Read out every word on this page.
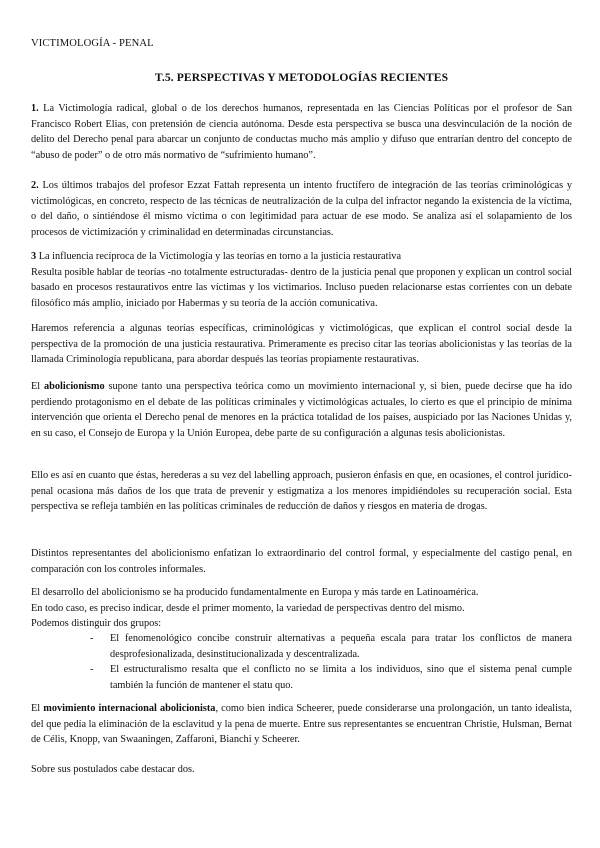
VICTIMOLOGÍA - PENAL
T.5. PERSPECTIVAS Y METODOLOGÍAS RECIENTES

1. La Victimología radical, global o de los derechos humanos, representada en las Ciencias Políticas por el profesor de San Francisco Robert Elias, con pretensión de ciencia autónoma. Desde esta perspectiva se busca una desvinculación de la noción de delito del Derecho penal para abarcar un conjunto de conductas mucho más amplio y difuso que entrarían dentro del concepto de “abuso de poder” o de otro más normativo de “sufrimiento humano”.

2. Los últimos trabajos del profesor Ezzat Fattah representa un intento fructífero de integración de las teorías criminológicas y victimológicas, en concreto, respecto de las técnicas de neutralización de la culpa del infractor negando la existencia de la víctima, o del daño, o sintiéndose él mismo víctima o con legitimidad para actuar de ese modo. Se analiza así el solapamiento de los procesos de victimización y criminalidad en determinadas circunstancias.

3 La influencia recíproca de la Victimología y las teorías en torno a la justicia restaurativa
Resulta posible hablar de teorías -no totalmente estructuradas- dentro de la justicia penal que proponen y explican un control social basado en procesos restaurativos entre las víctimas y los victimarios. Incluso pueden relacionarse estas corrientes con un debate filosófico más amplio, iniciado por Habermas y su teoría de la acción comunicativa.

Haremos referencia a algunas teorías específicas, criminológicas y victimológicas, que explican el control social desde la perspectiva de la promoción de una justicia restaurativa. Primeramente es preciso citar las teorías abolicionistas y las teorías de la llamada Criminología republicana, para abordar después las teorías propiamente restaurativas.

El abolicionismo supone tanto una perspectiva teórica como un movimiento internacional y, si bien, puede decirse que ha ido perdiendo protagonismo en el debate de las políticas criminales y victimológicas actuales, lo cierto es que el principio de mínima intervención que orienta el Derecho penal de menores en la práctica totalidad de los países, auspiciado por las Naciones Unidas y, en su caso, el Consejo de Europa y la Unión Europea, debe parte de su configuración a algunas tesis abolicionistas.

Ello es así en cuanto que éstas, herederas a su vez del labelling approach, pusieron énfasis en que, en ocasiones, el control jurídico-penal ocasiona más daños de los que trata de prevenir y estigmatiza a los menores impidiéndoles su recuperación social. Esta perspectiva se refleja también en las políticas criminales de reducción de daños y riesgos en materia de drogas.

Distintos representantes del abolicionismo enfatizan lo extraordinario del control formal, y especialmente del castigo penal, en comparación con los controles informales.

El desarrollo del abolicionismo se ha producido fundamentalmente en Europa y más tarde en Latinoamérica.
En todo caso, es preciso indicar, desde el primer momento, la variedad de perspectivas dentro del mismo.
Podemos distinguir dos grupos:

- El fenomenológico concibe construir alternativas a pequeña escala para tratar los conflictos de manera desprofesionalizada, desinstitucionalizada y descentralizada.
- El estructuralismo resalta que el conflicto no se limita a los individuos, sino que el sistema penal cumple también la función de mantener el statu quo.

El movimiento internacional abolicionista, como bien indica Scheerer, puede considerarse una prolongación, un tanto idealista, del que pedía la eliminación de la esclavitud y la pena de muerte. Entre sus representantes se encuentran Christie, Hulsman, Bernat de Célis, Knopp, van Swaaningen, Zaffaroni, Bianchi y Scheerer.

Sobre sus postulados cabe destacar dos.
